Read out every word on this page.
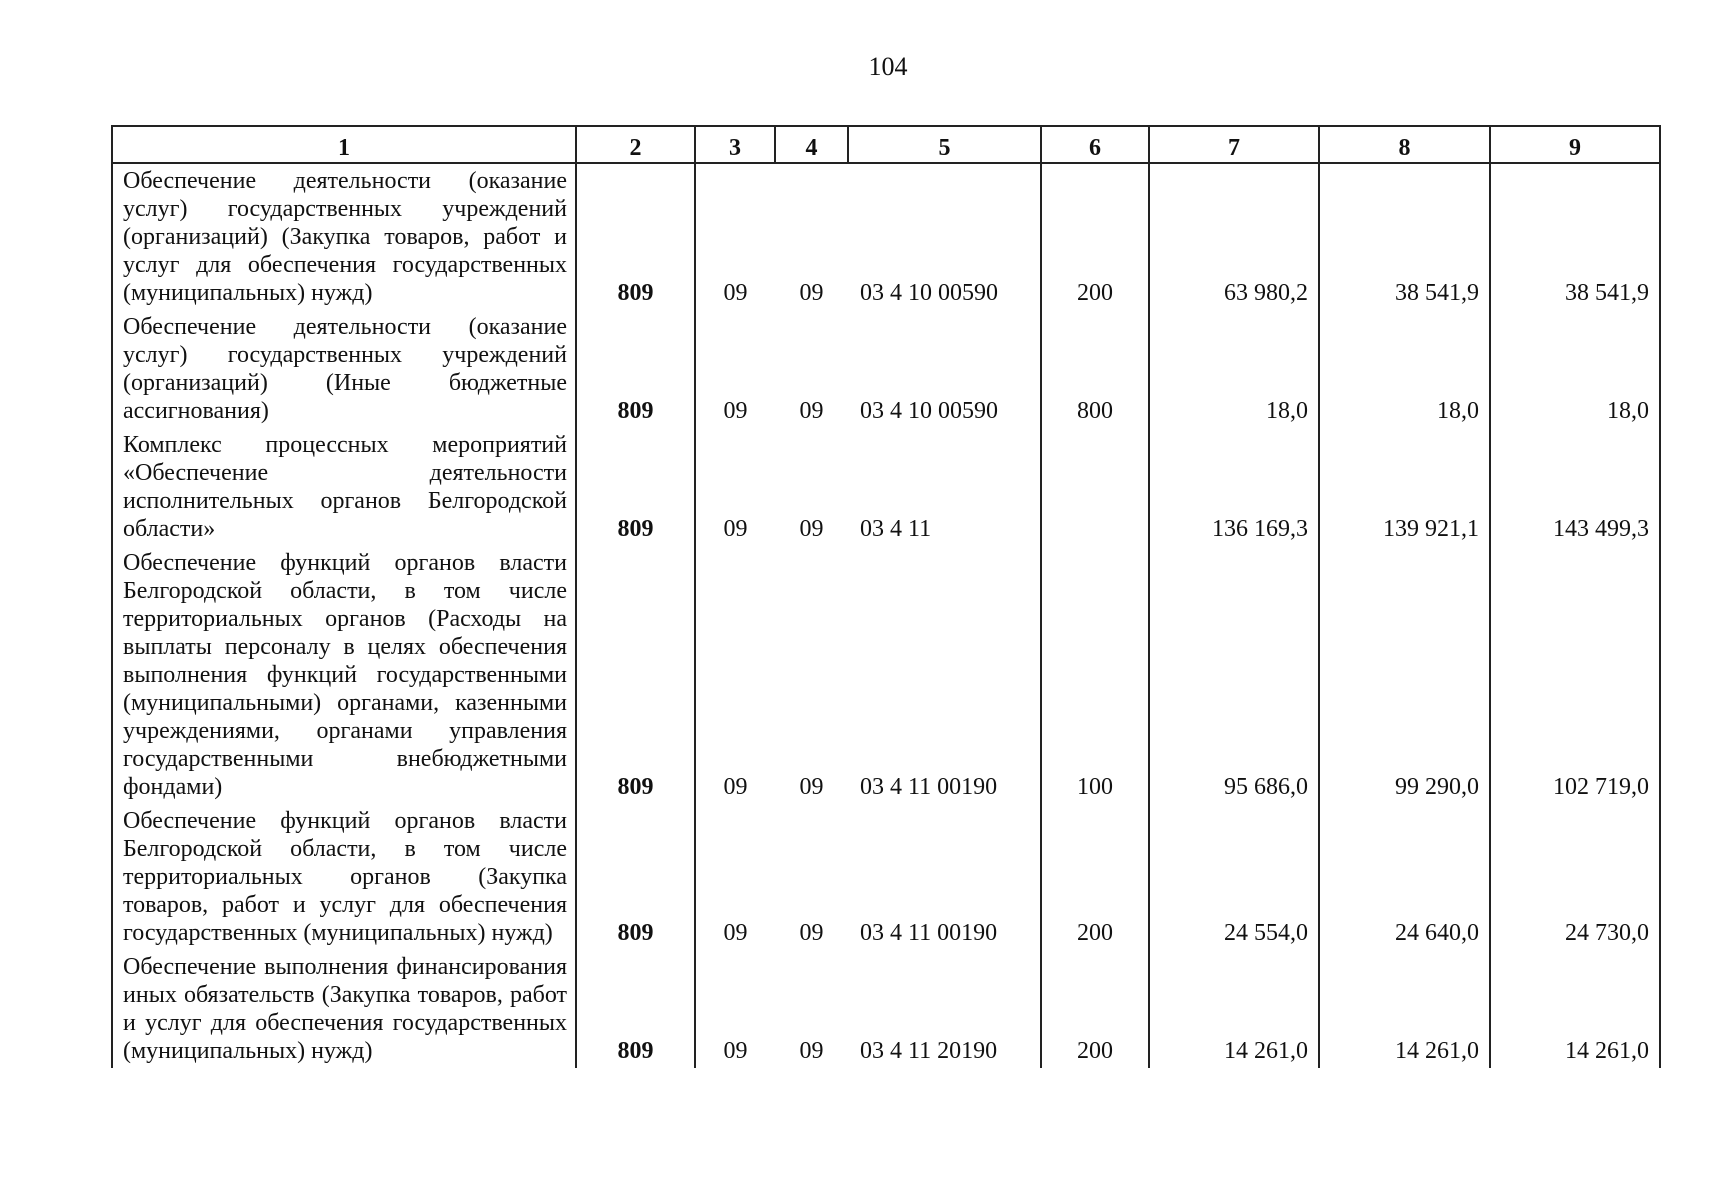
104
1	2	3	4	5	6	7	8	9
Обеспечение деятельности (оказание услуг) государственных учреждений (организаций) (Закупка товаров, работ и услуг для обеспечения государственных (муниципальных) нужд)	809	09	09	03 4 10 00590	200	63 980,2	38 541,9	38 541,9
Обеспечение деятельности (оказание услуг) государственных учреждений (организаций) (Иные бюджетные ассигнования)	809	09	09	03 4 10 00590	800	18,0	18,0	18,0
Комплекс процессных мероприятий «Обеспечение деятельности исполнительных органов Белгородской области»	809	09	09	03 4 11		136 169,3	139 921,1	143 499,3
Обеспечение функций органов власти Белгородской области, в том числе территориальных органов (Расходы на выплаты персоналу в целях обеспечения выполнения функций государственными (муниципальными) органами, казенными учреждениями, органами управления государственными внебюджетными фондами)	809	09	09	03 4 11 00190	100	95 686,0	99 290,0	102 719,0
Обеспечение функций органов власти Белгородской области, в том числе территориальных органов (Закупка товаров, работ и услуг для обеспечения государственных (муниципальных) нужд)	809	09	09	03 4 11 00190	200	24 554,0	24 640,0	24 730,0
Обеспечение выполнения финансирования иных обязательств (Закупка товаров, работ и услуг для обеспечения государственных (муниципальных) нужд)	809	09	09	03 4 11 20190	200	14 261,0	14 261,0	14 261,0
